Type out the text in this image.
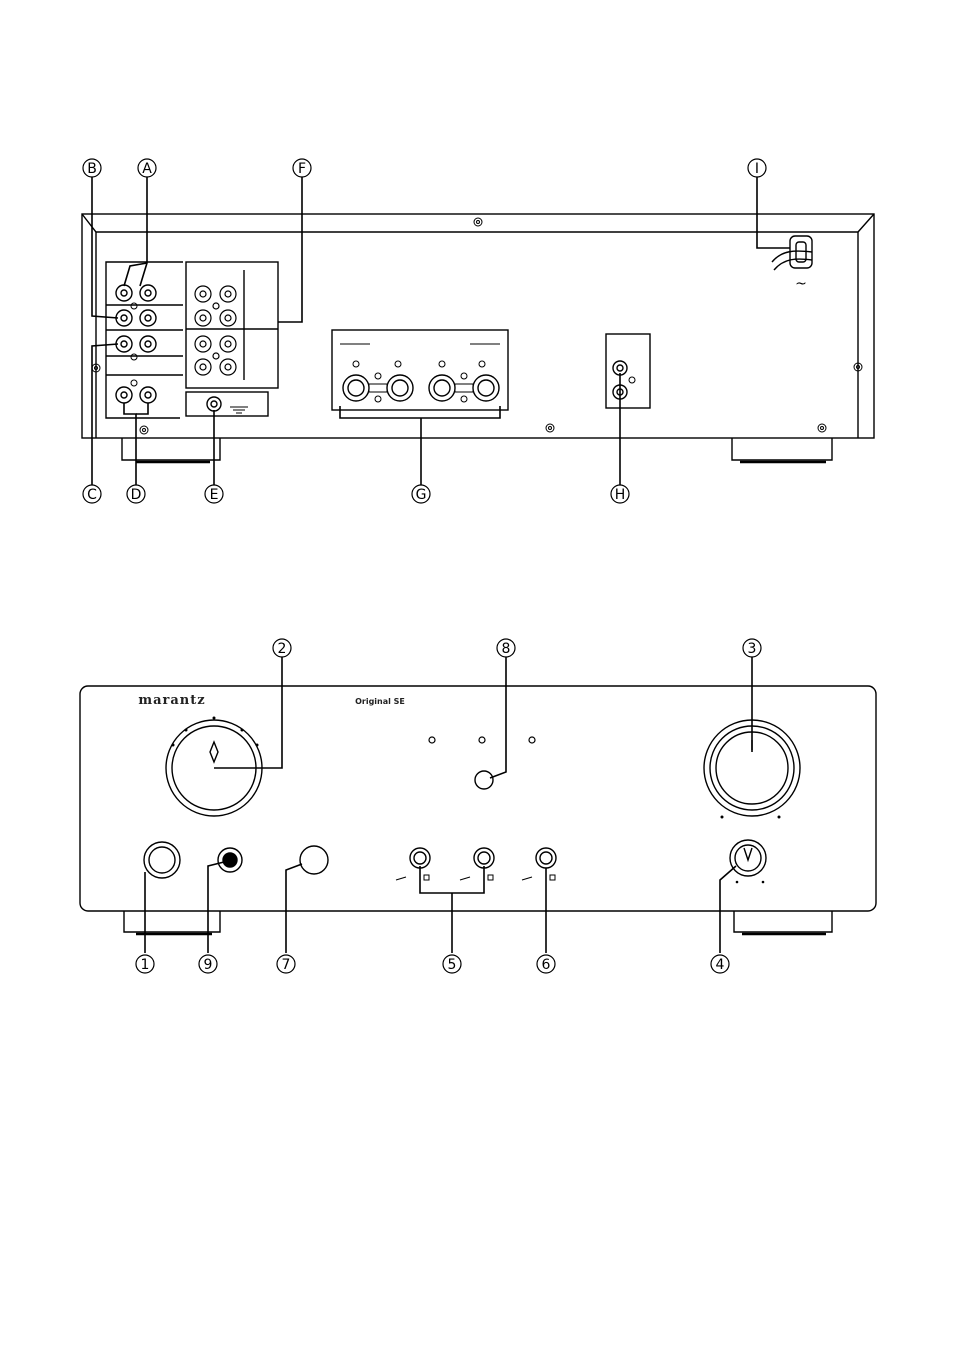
B	A	F	I
C D	E	G	H
~
marantz	Original SE
2	8	3
1	9	7	5	6	4
